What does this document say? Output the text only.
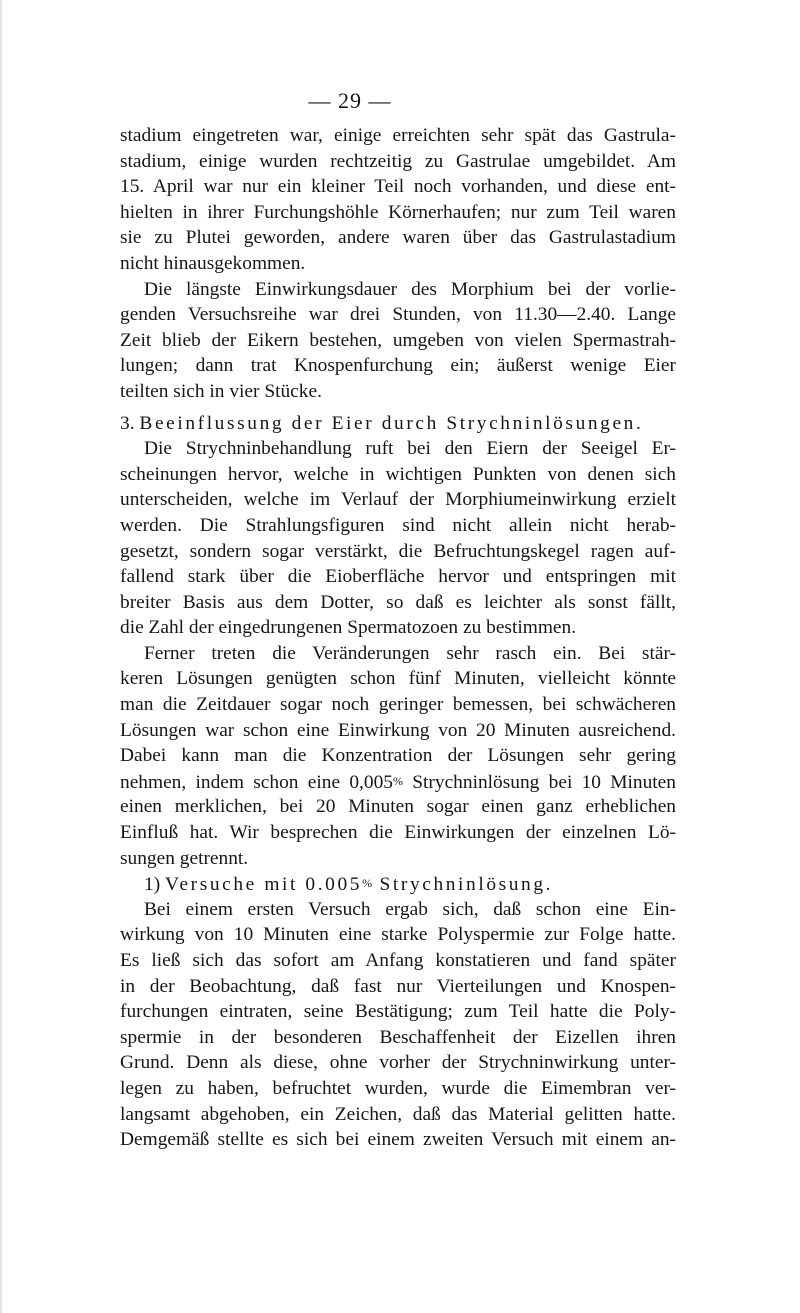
— 29 —
stadium eingetreten war, einige erreichten sehr spät das Gastrula-
stadium, einige wurden rechtzeitig zu Gastrulae umgebildet. Am
15. April war nur ein kleiner Teil noch vorhanden, und diese ent-
hielten in ihrer Furchungshöhle Körnerhaufen; nur zum Teil waren
sie zu Plutei geworden, andere waren über das Gastrulastadium
nicht hinausgekommen.
Die längste Einwirkungsdauer des Morphium bei der vorlie-
genden Versuchsreihe war drei Stunden, von 11.30—2.40. Lange
Zeit blieb der Eikern bestehen, umgeben von vielen Spermastrah-
lungen; dann trat Knospenfurchung ein; äußerst wenige Eier
teilten sich in vier Stücke.
3. Beeinflussung der Eier durch Strychninlösungen.
Die Strychninbehandlung ruft bei den Eiern der Seeigel Er-
scheinungen hervor, welche in wichtigen Punkten von denen sich
unterscheiden, welche im Verlauf der Morphiumeinwirkung erzielt
werden. Die Strahlungsfiguren sind nicht allein nicht herab-
gesetzt, sondern sogar verstärkt, die Befruchtungskegel ragen auf-
fallend stark über die Eioberfläche hervor und entspringen mit
breiter Basis aus dem Dotter, so daß es leichter als sonst fällt,
die Zahl der eingedrungenen Spermatozoen zu bestimmen.
Ferner treten die Veränderungen sehr rasch ein. Bei stär-
keren Lösungen genügten schon fünf Minuten, vielleicht könnte
man die Zeitdauer sogar noch geringer bemessen, bei schwächeren
Lösungen war schon eine Einwirkung von 20 Minuten ausreichend.
Dabei kann man die Konzentration der Lösungen sehr gering
nehmen, indem schon eine 0,005% Strychninlösung bei 10 Minuten
einen merklichen, bei 20 Minuten sogar einen ganz erheblichen
Einfluß hat. Wir besprechen die Einwirkungen der einzelnen Lö-
sungen getrennt.
1) Versuche mit 0.005% Strychninlösung.
Bei einem ersten Versuch ergab sich, daß schon eine Ein-
wirkung von 10 Minuten eine starke Polyspermie zur Folge hatte.
Es ließ sich das sofort am Anfang konstatieren und fand später
in der Beobachtung, daß fast nur Vierteilungen und Knospen-
furchungen eintraten, seine Bestätigung; zum Teil hatte die Poly-
spermie in der besonderen Beschaffenheit der Eizellen ihren
Grund. Denn als diese, ohne vorher der Strychninwirkung unter-
legen zu haben, befruchtet wurden, wurde die Eimembran ver-
langsamt abgehoben, ein Zeichen, daß das Material gelitten hatte.
Demgemäß stellte es sich bei einem zweiten Versuch mit einem an-
